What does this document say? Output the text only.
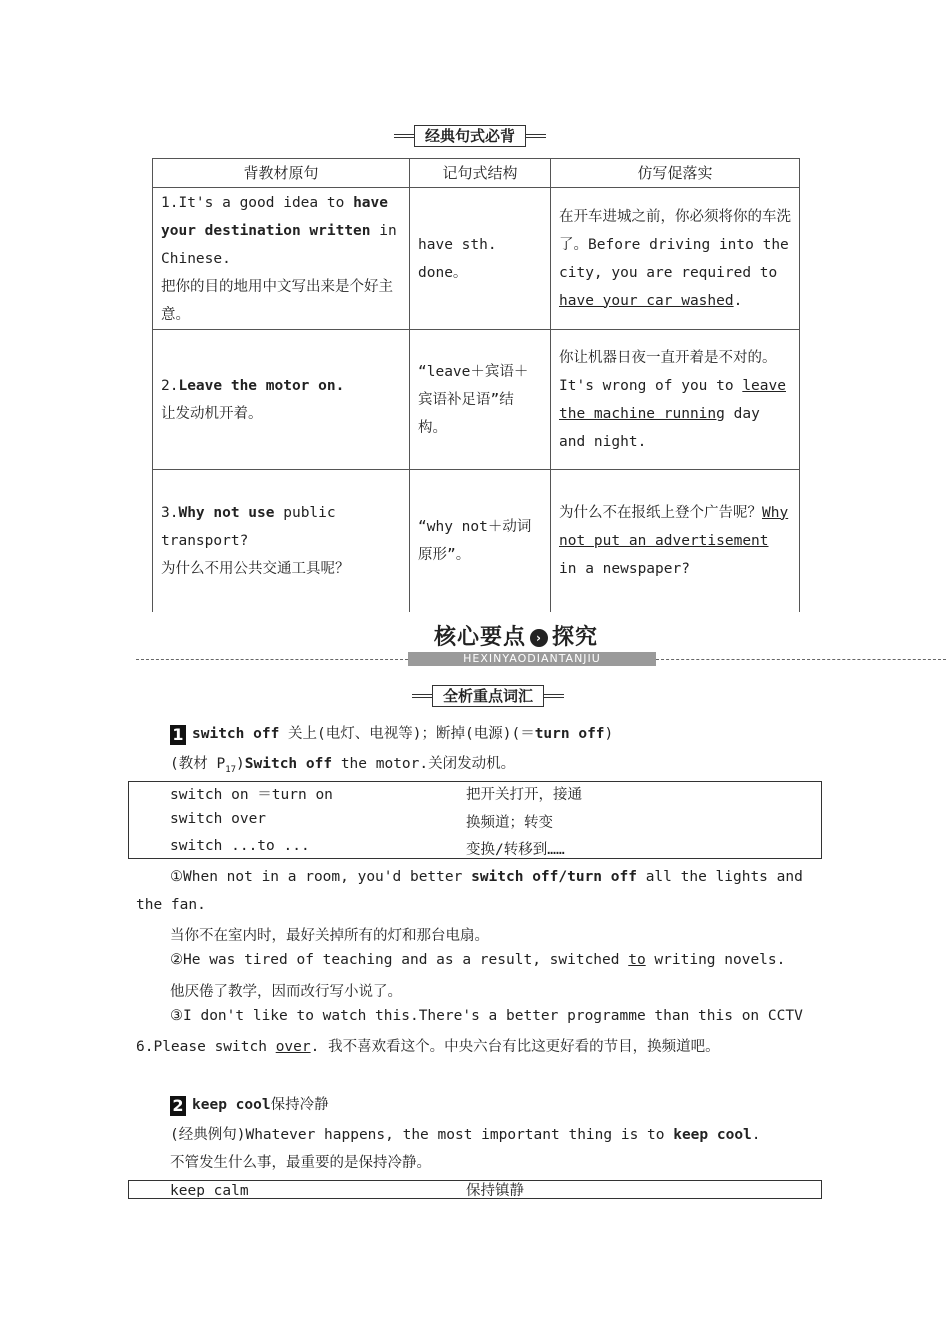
经典句式必背
背教材原句	记句式结构	仿写促落实
1.It's a good idea to have your destination written in Chinese.
把你的目的地用中文写出来是个好主意。	have sth. done。	在开车进城之前，你必须将你的车洗了。Before driving into the city, you are required to have your car washed.
2.Leave the motor on.
让发动机开着。	“leave＋宾语＋宾语补足语”结构。	你让机器日夜一直开着是不对的。It's wrong of you to leave the machine running day and night.
3.Why not use public transport?
为什么不用公共交通工具呢？	“why not＋动词原形”。	为什么不在报纸上登个广告呢？Why not put an advertisement in a newspaper?
核心要点 › 探究
HEXINYAODIANTANJIU
全析重点词汇
1 switch off 关上(电灯、电视等)；断掉(电源)(＝turn off)
(教材 $P_{17})Switch$ off the motor.关闭发动机。
switch on ＝turn on	把开关打开，接通
switch over	换频道；转变
switch ...to ...	变换/转移到……
①When not in a room, you'd better switch off/turn off all the lights and
the fan.
当你不在室内时，最好关掉所有的灯和那台电扇。
②He was tired of teaching and as a result, switched to writing novels.
他厌倦了教学，因而改行写小说了。
③I don't like to watch this.There's a better programme than this on CCTV
6.Please switch over. 我不喜欢看这个。中央六台有比这更好看的节目，换频道吧。
2 keep cool保持冷静
(经典例句)Whatever happens, the most important thing is to keep cool.
不管发生什么事，最重要的是保持冷静。
keep calm	保持镇静
